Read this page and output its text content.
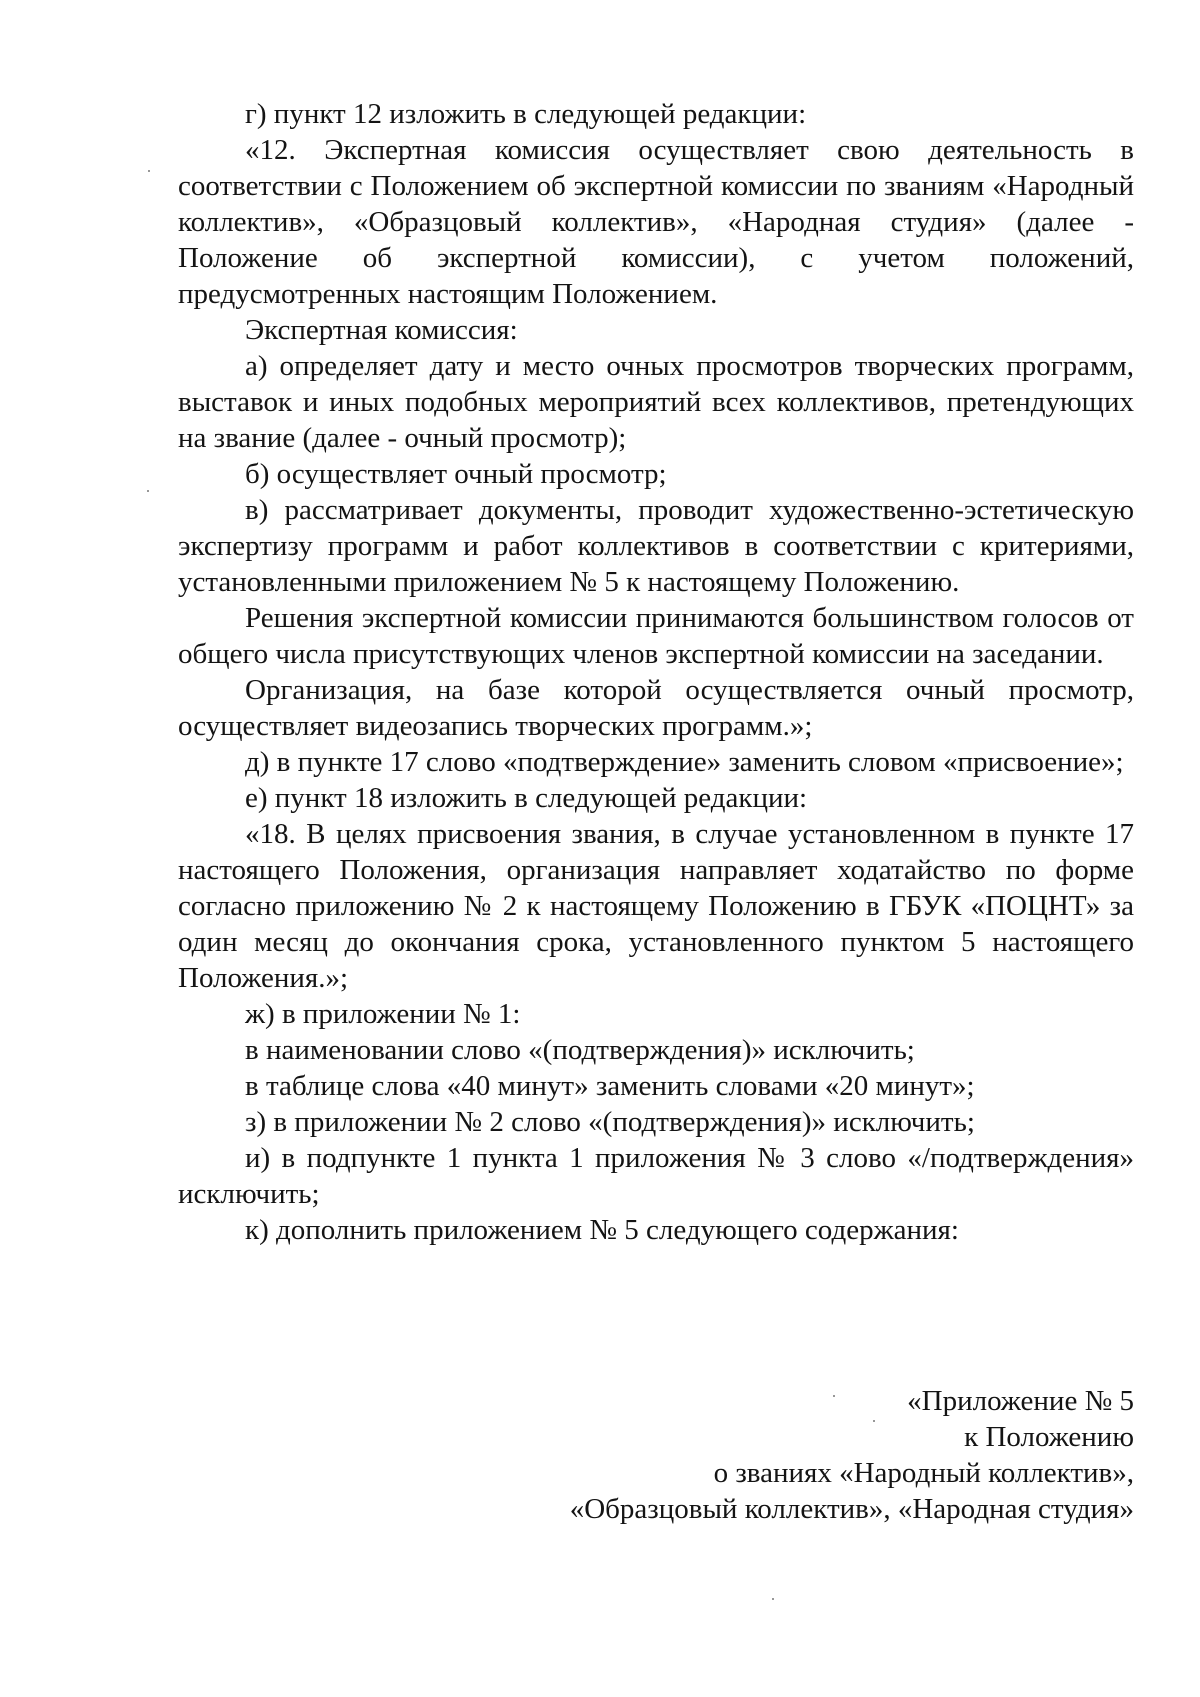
г) пункт 12 изложить в следующей редакции:

«12. Экспертная комиссия осуществляет свою деятельность в соответствии с Положением об экспертной комиссии по званиям «Народный коллектив», «Образцовый коллектив», «Народная студия» (далее - Положение об экспертной комиссии), с учетом положений, предусмотренных настоящим Положением.

Экспертная комиссия:

а) определяет дату и место очных просмотров творческих программ, выставок и иных подобных мероприятий всех коллективов, претендующих на звание (далее - очный просмотр);

б) осуществляет очный просмотр;

в) рассматривает документы, проводит художественно-эстетическую экспертизу программ и работ коллективов в соответствии с критериями, установленными приложением № 5 к настоящему Положению.

Решения экспертной комиссии принимаются большинством голосов от общего числа присутствующих членов экспертной комиссии на заседании.

Организация, на базе которой осуществляется очный просмотр, осуществляет видеозапись творческих программ.»;

д) в пункте 17 слово «подтверждение» заменить словом «присвоение»;

е) пункт 18 изложить в следующей редакции:

«18. В целях присвоения звания, в случае установленном в пункте 17 настоящего Положения, организация направляет ходатайство по форме согласно приложению № 2 к настоящему Положению в ГБУК «ПОЦНТ» за один месяц до окончания срока, установленного пунктом 5 настоящего Положения.»;

ж) в приложении № 1:

в наименовании слово «(подтверждения)» исключить;

в таблице слова «40 минут» заменить словами «20 минут»;

з) в приложении № 2 слово «(подтверждения)» исключить;

и) в подпункте 1 пункта 1 приложения № 3 слово «/подтверждения» исключить;

к) дополнить приложением № 5 следующего содержания:

«Приложение № 5
к Положению
о званиях «Народный коллектив»,
«Образцовый коллектив», «Народная студия»
